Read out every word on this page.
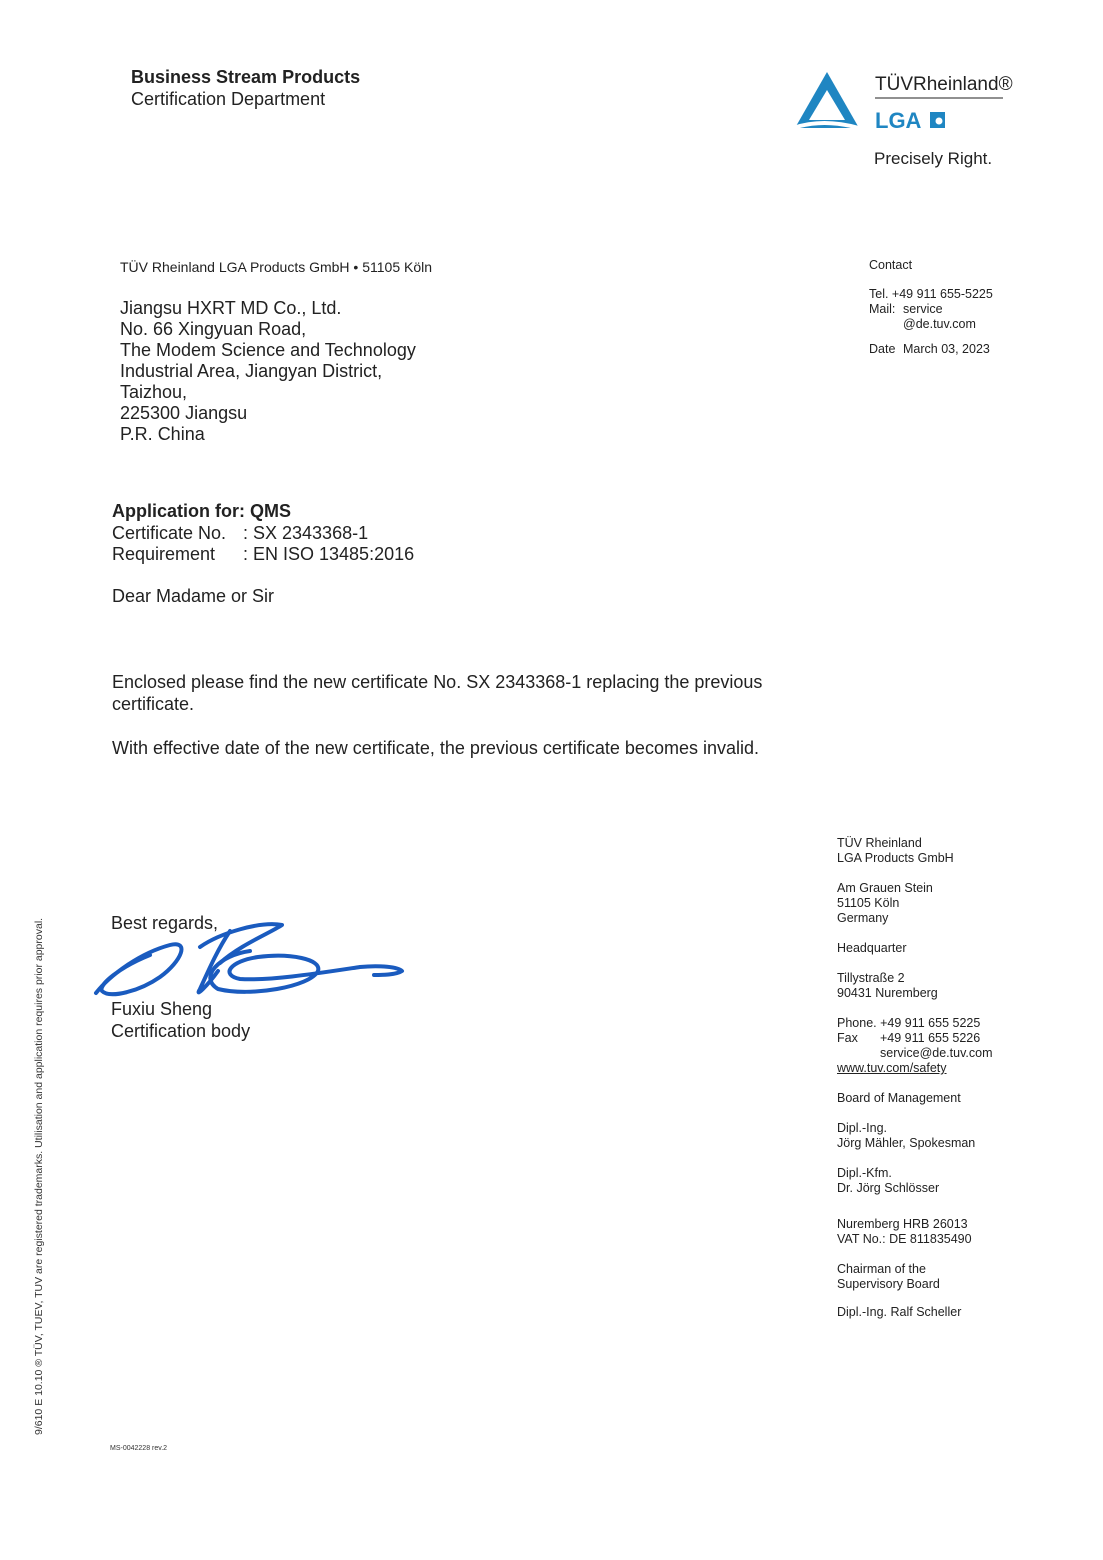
Business Stream Products
Certification Department
TÜVRheinland®
LGA
Precisely Right.
TÜV Rheinland LGA Products GmbH • 51105 Köln
Jiangsu HXRT MD Co., Ltd.
No. 66 Xingyuan Road,
The Modem Science and Technology
Industrial Area, Jiangyan District,
Taizhou,
225300 Jiangsu
P.R. China
Contact
Tel. +49 911 655-5225
Mail: service
@de.tuv.com
Date March 03, 2023
Application for: QMS
Certificate No. : SX 2343368-1
Requirement	: EN ISO 13485:2016
Dear Madame or Sir
Enclosed please find the new certificate No. SX 2343368-1 replacing the previous certificate.
With effective date of the new certificate, the previous certificate becomes invalid.
Best regards,
Fuxiu Sheng
Certification body
TÜV Rheinland
LGA Products GmbH
Am Grauen Stein
51105 Köln
Germany
Headquarter
Tillystraße 2
90431 Nuremberg
Phone. +49 911 655 5225
Fax	+49 911 655 5226
service@de.tuv.com
www.tuv.com/safety
Board of Management
Dipl.-Ing.
Jörg Mähler, Spokesman
Dipl.-Kfm.
Dr. Jörg Schlösser
Nuremberg HRB 26013
VAT No.: DE 811835490
Chairman of the
Supervisory Board
Dipl.-Ing. Ralf Scheller
9/610 E 10.10 ® TÜV, TUEV, TUV are registered trademarks. Utilisation and application requires prior approval.
MS-0042228 rev.2
